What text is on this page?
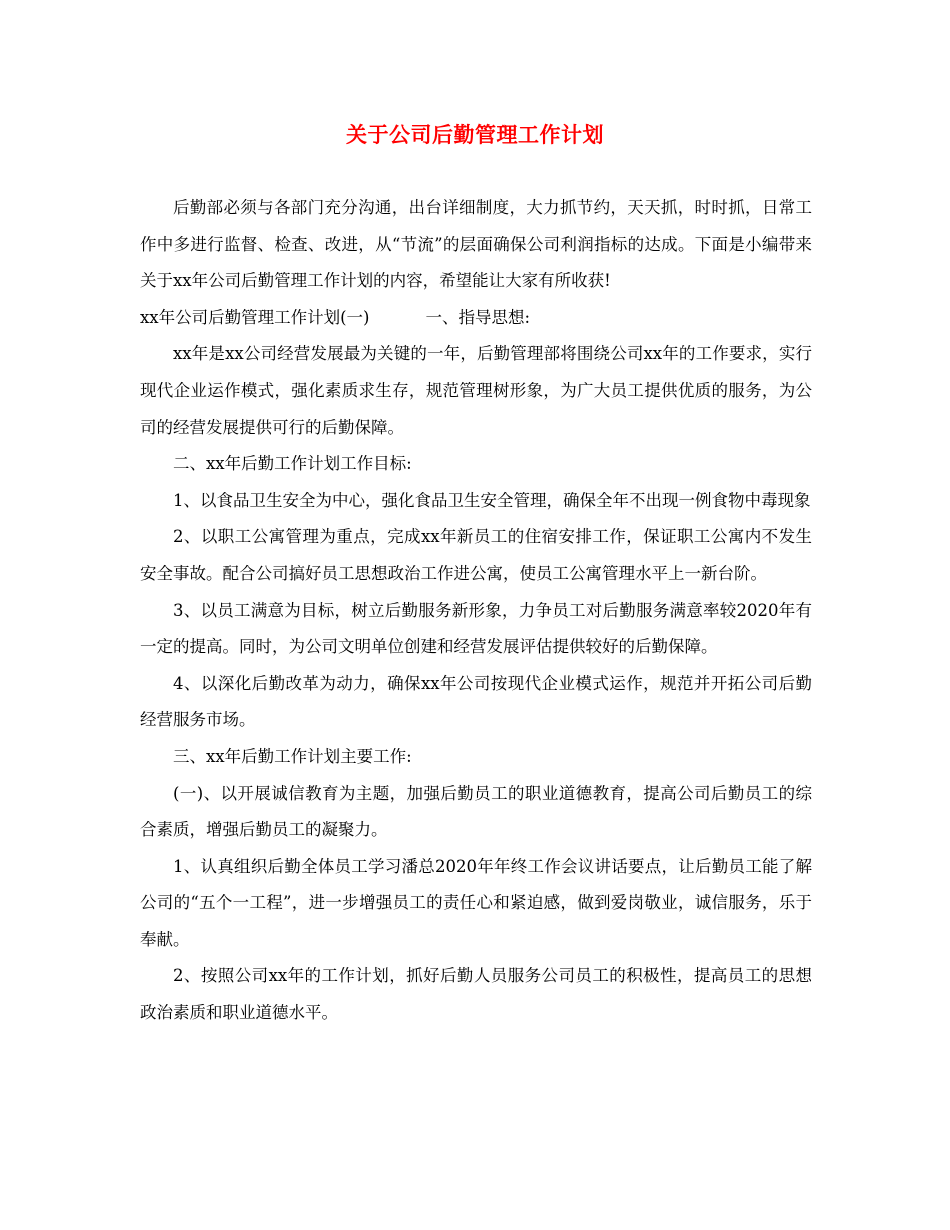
关于公司后勤管理工作计划

后勤部必须与各部门充分沟通，出台详细制度，大力抓节约，天天抓，时时抓，日常工作中多进行监督、检查、改进，从“节流”的层面确保公司利润指标的达成。下面是小编带来关于xx年公司后勤管理工作计划的内容，希望能让大家有所收获!

xx年公司后勤管理工作计划(一)	一、指导思想:

xx年是xx公司经营发展最为关键的一年，后勤管理部将围绕公司xx年的工作要求，实行现代企业运作模式，强化素质求生存，规范管理树形象，为广大员工提供优质的服务，为公司的经营发展提供可行的后勤保障。

二、xx年后勤工作计划工作目标:

1、以食品卫生安全为中心，强化食品卫生安全管理，确保全年不出现一例食物中毒现象

2、以职工公寓管理为重点，完成xx年新员工的住宿安排工作，保证职工公寓内不发生安全事故。配合公司搞好员工思想政治工作进公寓，使员工公寓管理水平上一新台阶。

3、以员工满意为目标，树立后勤服务新形象，力争员工对后勤服务满意率较2020年有一定的提高。同时，为公司文明单位创建和经营发展评估提供较好的后勤保障。

4、以深化后勤改革为动力，确保xx年公司按现代企业模式运作，规范并开拓公司后勤经营服务市场。

三、xx年后勤工作计划主要工作:

(一)、以开展诚信教育为主题，加强后勤员工的职业道德教育，提高公司后勤员工的综合素质，增强后勤员工的凝聚力。

1、认真组织后勤全体员工学习潘总2020年年终工作会议讲话要点，让后勤员工能了解公司的“五个一工程”，进一步增强员工的责任心和紧迫感，做到爱岗敬业，诚信服务，乐于奉献。

2、按照公司xx年的工作计划，抓好后勤人员服务公司员工的积极性，提高员工的思想政治素质和职业道德水平。
